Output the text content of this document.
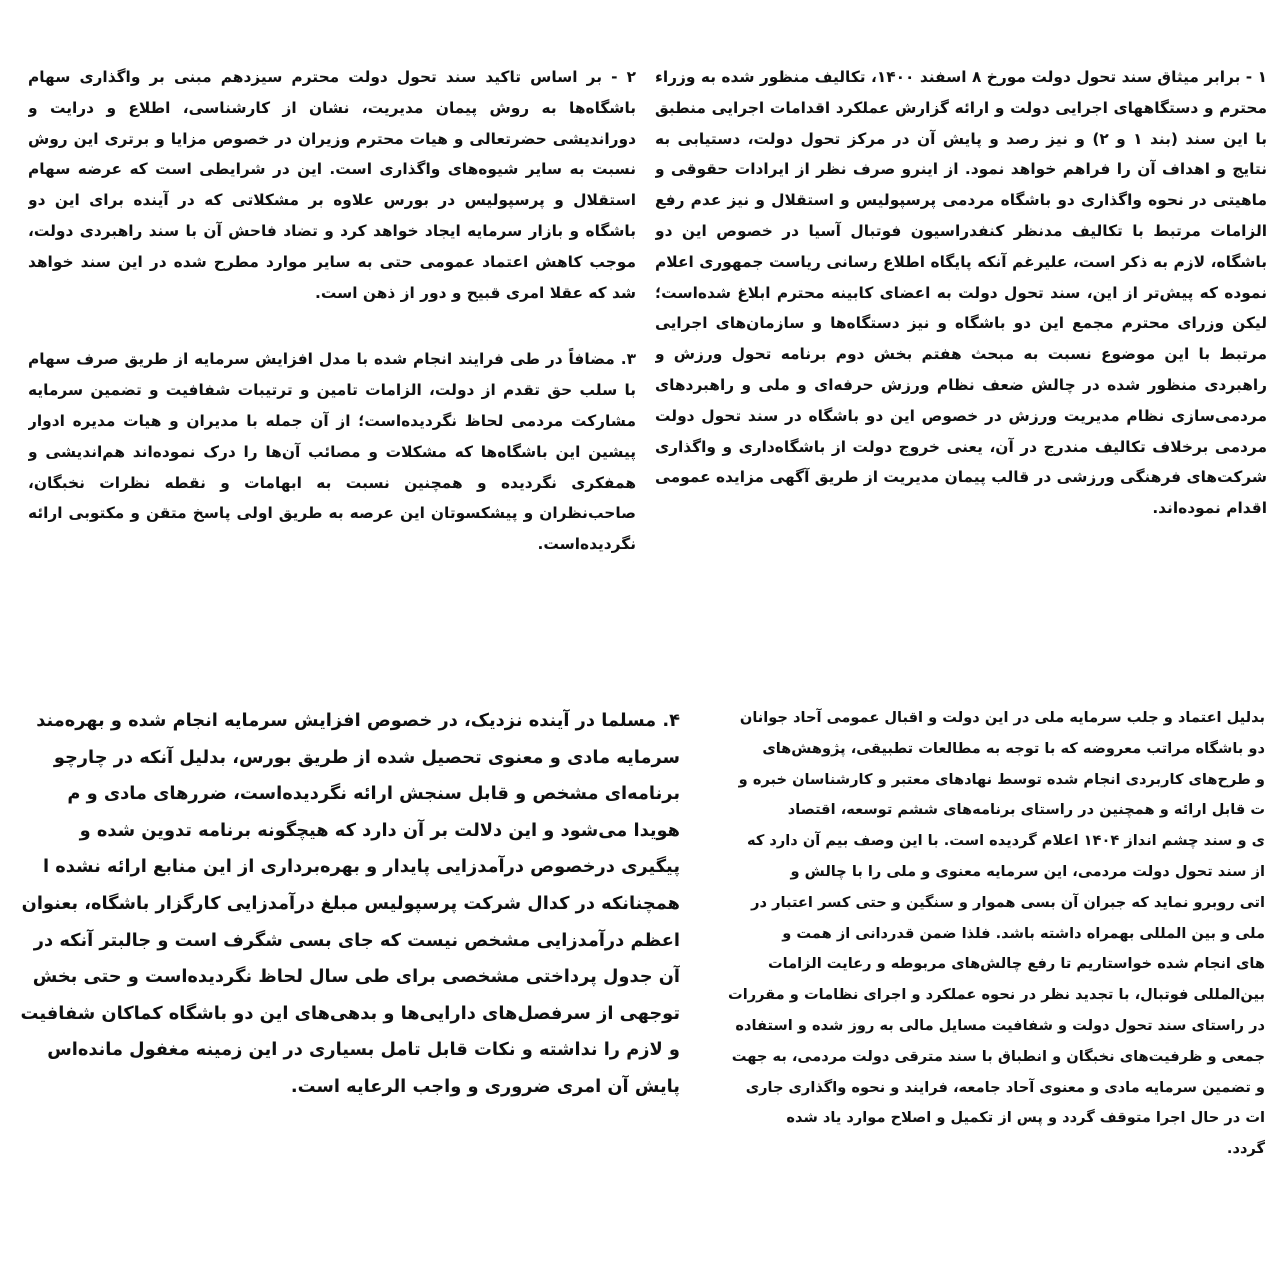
۱ - برابر میثاق سند تحول دولت مورخ ۸ اسفند ۱۴۰۰، تکالیف منظور شده به وزراء محترم و دستگاههای اجرایی دولت و ارائه گزارش عملکرد اقدامات اجرایی منطبق با این سند (بند ۱ و ۲) و نیز رصد و پایش آن در مرکز تحول دولت، دستیابی به نتایج و اهداف آن را فراهم خواهد نمود. از اینرو صرف نظر از ایرادات حقوقی و ماهیتی در نحوه واگذاری دو باشگاه مردمی پرسپولیس و استقلال و نیز عدم رفع الزامات مرتبط با تکالیف مدنظر کنفدراسیون فوتبال آسیا در خصوص این دو باشگاه، لازم به ذکر است، علیرغم آنکه پایگاه اطلاع رسانی ریاست جمهوری اعلام نموده که پیش‌تر از این، سند تحول دولت به اعضای کابینه محترم ابلاغ شده‌است؛ لیکن وزرای محترم مجمع این دو باشگاه و نیز دستگاه‌ها و سازمان‌های اجرایی مرتبط با این موضوع نسبت به مبحث هفتم بخش دوم برنامه تحول ورزش و راهبردی منظور شده در چالش ضعف نظام ورزش حرفه‌ای و ملی و راهبردهای مردمی‌سازی نظام مدیریت ورزش در خصوص این دو باشگاه در سند تحول دولت مردمی برخلاف تکالیف مندرج در آن، یعنی خروج دولت از باشگاه‌داری و واگذاری شرکت‌های فرهنگی ورزشی در قالب پیمان مدیریت از طریق آگهی مزایده عمومی اقدام نموده‌اند.

۲ - بر اساس تاکید سند تحول دولت محترم سیزدهم مبنی بر واگذاری سهام باشگاه‌ها به روش پیمان مدیریت، نشان از کارشناسی، اطلاع و درایت و دوراندیشی حضرتعالی و هیات محترم وزیران در خصوص مزایا و برتری این روش نسبت به سایر شیوه‌های واگذاری است. این در شرایطی است که عرضه سهام استقلال و پرسپولیس در بورس علاوه بر مشکلاتی که در آینده برای این دو باشگاه و بازار سرمایه ایجاد خواهد کرد و تضاد فاحش آن با سند راهبردی دولت، موجب کاهش اعتماد عمومی حتی به سایر موارد مطرح شده در این سند خواهد شد که عقلا امری قبیح و دور از ذهن است.

۳. مضافاً در طی فرایند انجام شده با مدل افزایش سرمایه از طریق صرف سهام با سلب حق تقدم از دولت، الزامات تامین و ترتیبات شفافیت و تضمین سرمایه مشارکت مردمی لحاظ نگردیده‌است؛ از آن جمله با مدیران و هیات مدیره ادوار پیشین این باشگاه‌ها که مشکلات و مصائب آن‌ها را درک نموده‌اند هم‌اندیشی و همفکری نگردیده و همچنین نسبت به ابهامات و نقطه نظرات نخبگان، صاحب‌نظران و پیشکسوتان این عرصه به طریق اولی پاسخ متقن و مکتوبی ارائه نگردیده‌است.

بدلیل اعتماد و جلب سرمایه ملی در این دولت و اقبال عمومی آحاد جوانان

دو باشگاه مراتب معروضه که با توجه به مطالعات تطبیقی، پژوهش‌های

و طرح‌های کاربردی انجام شده توسط نهادهای معتبر و کارشناسان خبره و

ت قابل ارائه و همچنین در راستای برنامه‌های ششم توسعه، اقتصاد

ی و سند چشم انداز ۱۴۰۴ اعلام گردیده است. با این وصف بیم آن دارد که

از سند تحول دولت مردمی، این سرمایه معنوی و ملی را با چالش و

اتی روبرو نماید که جبران آن بسی هموار و سنگین و حتی کسر اعتبار در

ملی و بین المللی بهمراه داشته باشد. فلذا ضمن قدردانی از همت و

های انجام شده خواستاریم تا رفع چالش‌های مربوطه و رعایت الزامات

بین‌المللی فوتبال، با تجدید نظر در نحوه عملکرد و اجرای نظامات و مقررات

در راستای سند تحول دولت و شفافیت مسایل مالی به روز شده و استفاده

جمعی و ظرفیت‌های نخبگان و انطباق با سند مترقی دولت مردمی، به جهت

و تضمین سرمایه مادی و معنوی آحاد جامعه، فرایند و نحوه واگذاری جاری

ات در حال اجرا متوقف گردد و پس از تکمیل و اصلاح موارد یاد شده

گردد.

۴. مسلما در آینده نزدیک، در خصوص افزایش سرمایه انجام شده و بهره‌مند

سرمایه مادی و معنوی تحصیل شده از طریق بورس، بدلیل آنکه در چارچو

برنامه‌ای مشخص و قابل سنجش ارائه نگردیده‌است، ضررهای مادی و م

هویدا می‌شود و این دلالت بر آن دارد که هیچگونه برنامه تدوین شده و

پیگیری درخصوص درآمدزایی پایدار و بهره‌برداری از این منابع ارائه نشده ا

همچنانکه در کدال شرکت پرسپولیس مبلغ درآمدزایی کارگزار باشگاه، بعنوان

اعظم درآمدزایی مشخص نیست که جای بسی شگرف است و جالبتر آنکه در

آن جدول پرداختی مشخصی برای طی سال لحاظ نگردیده‌است و حتی بخش

توجهی از سرفصل‌های دارایی‌ها و بدهی‌های این دو باشگاه کماکان شفافیت

و لازم را نداشته و نکات قابل تامل بسیاری در این زمینه مغفول مانده‌اس

پایش آن امری ضروری و واجب الرعایه است.
